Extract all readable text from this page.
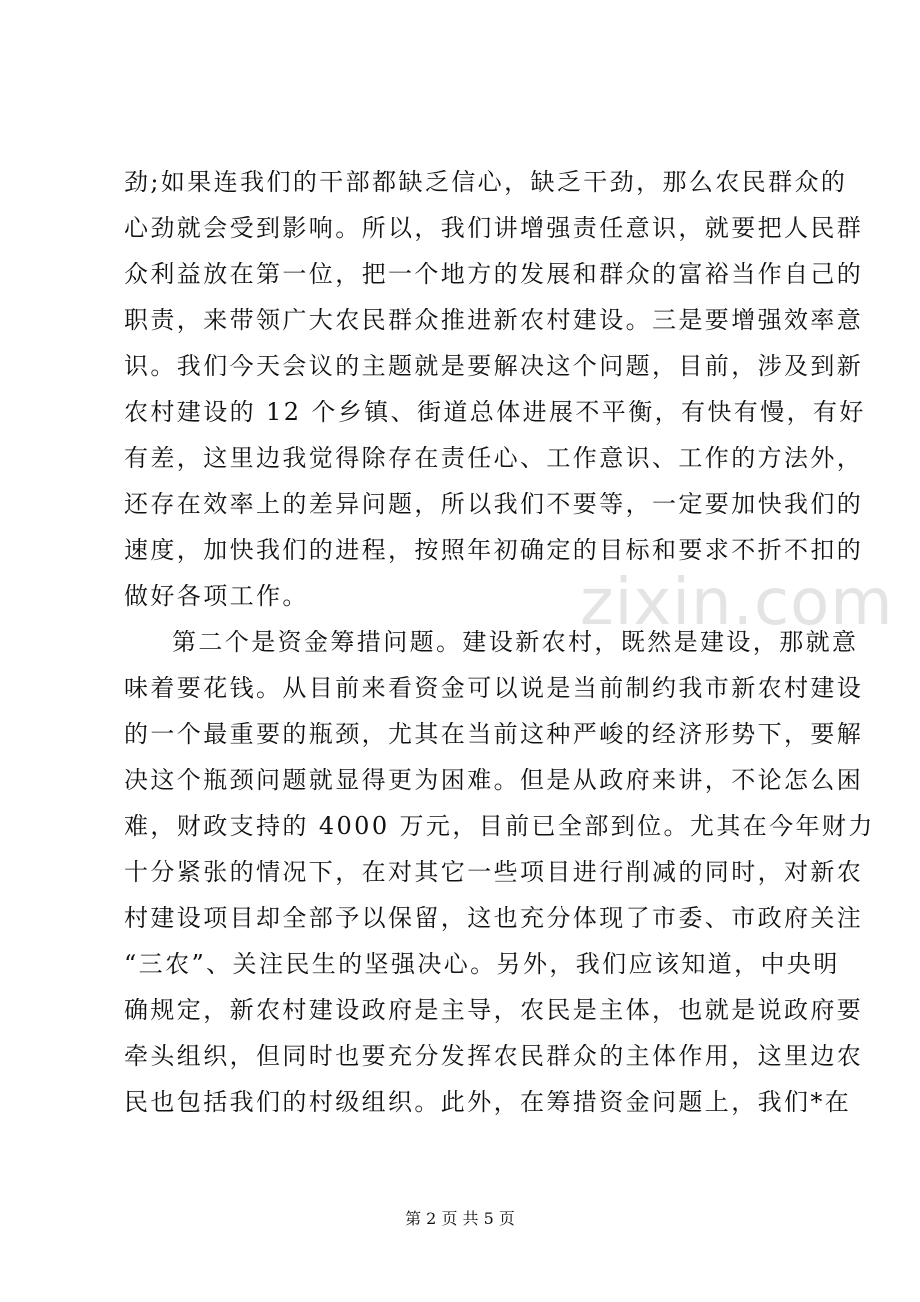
zixin.com
劲;如果连我们的干部都缺乏信心，缺乏干劲，那么农民群众的
心劲就会受到影响。所以，我们讲增强责任意识，就要把人民群
众利益放在第一位，把一个地方的发展和群众的富裕当作自己的
职责，来带领广大农民群众推进新农村建设。三是要增强效率意
识。我们今天会议的主题就是要解决这个问题，目前，涉及到新
农村建设的 12 个乡镇、街道总体进展不平衡，有快有慢，有好
有差，这里边我觉得除存在责任心、工作意识、工作的方法外，
还存在效率上的差异问题，所以我们不要等，一定要加快我们的
速度，加快我们的进程，按照年初确定的目标和要求不折不扣的
做好各项工作。
第二个是资金筹措问题。建设新农村，既然是建设，那就意
味着要花钱。从目前来看资金可以说是当前制约我市新农村建设
的一个最重要的瓶颈，尤其在当前这种严峻的经济形势下，要解
决这个瓶颈问题就显得更为困难。但是从政府来讲，不论怎么困
难，财政支持的 4000 万元，目前已全部到位。尤其在今年财力
十分紧张的情况下，在对其它一些项目进行削减的同时，对新农
村建设项目却全部予以保留，这也充分体现了市委、市政府关注
“三农”、关注民生的坚强决心。另外，我们应该知道，中央明
确规定，新农村建设政府是主导，农民是主体，也就是说政府要
牵头组织，但同时也要充分发挥农民群众的主体作用，这里边农
民也包括我们的村级组织。此外，在筹措资金问题上，我们*在
第 2 页 共 5 页
